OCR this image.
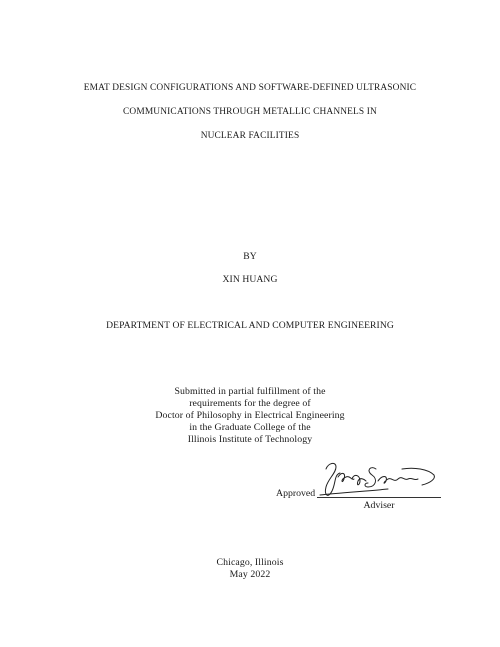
EMAT DESIGN CONFIGURATIONS AND SOFTWARE-DEFINED ULTRASONIC
COMMUNICATIONS THROUGH METALLIC CHANNELS IN
NUCLEAR FACILITIES
BY
XIN HUANG
DEPARTMENT OF ELECTRICAL AND COMPUTER ENGINEERING
Submitted in partial fulfillment of the
requirements for the degree of
Doctor of Philosophy in Electrical Engineering
in the Graduate College of the
Illinois Institute of Technology
Approved
Adviser
Chicago, Illinois
May 2022
